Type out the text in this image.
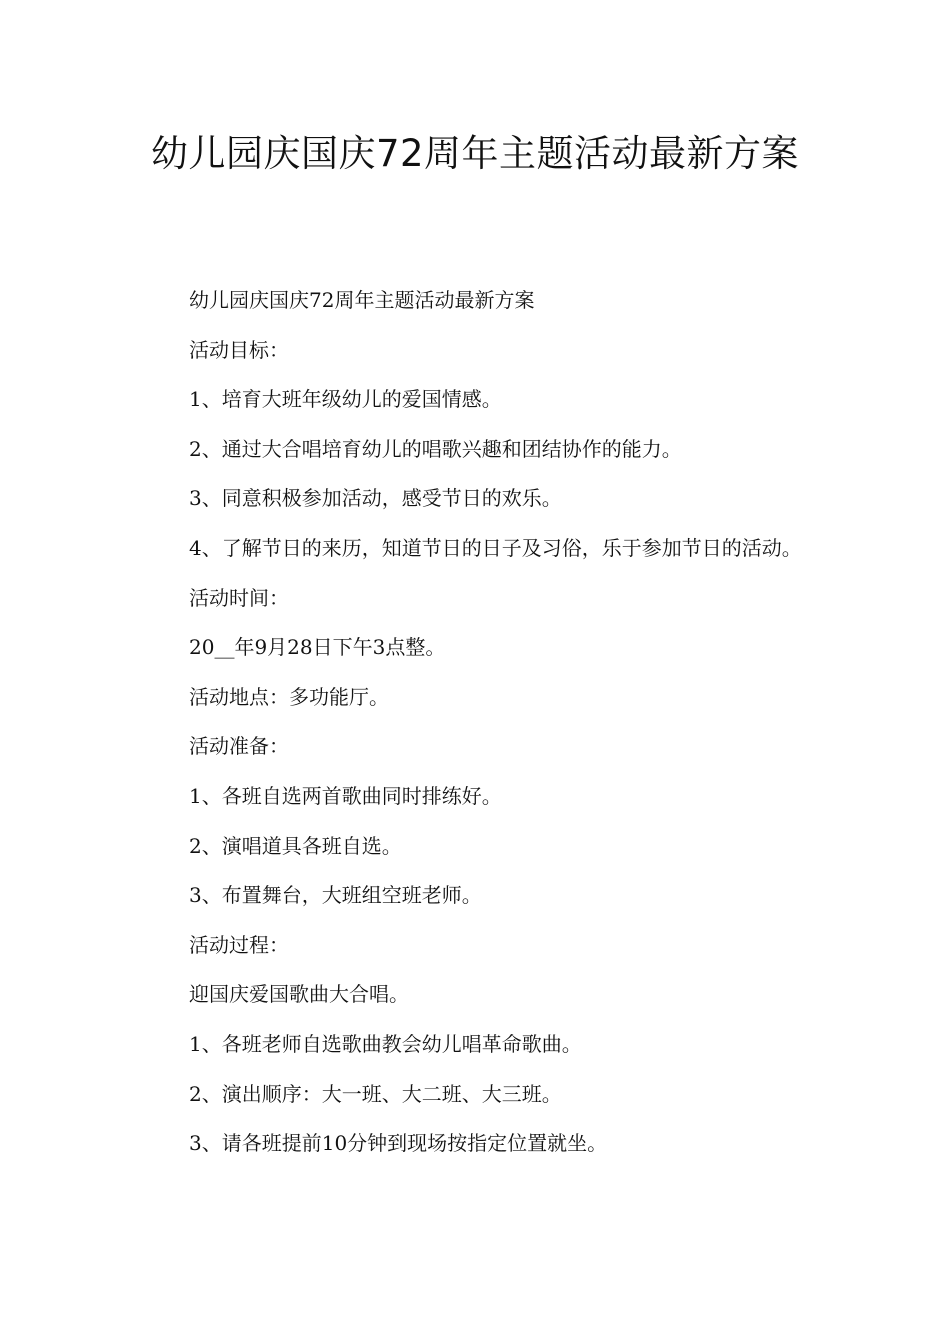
幼儿园庆国庆72周年主题活动最新方案

幼儿园庆国庆72周年主题活动最新方案

活动目标：

1、培育大班年级幼儿的爱国情感。

2、通过大合唱培育幼儿的唱歌兴趣和团结协作的能力。

3、同意积极参加活动，感受节日的欢乐。

4、了解节日的来历，知道节日的日子及习俗，乐于参加节日的活动。

活动时间：

20__年9月28日下午3点整。

活动地点：多功能厅。

活动准备：

1、各班自选两首歌曲同时排练好。

2、演唱道具各班自选。

3、布置舞台，大班组空班老师。

活动过程：

迎国庆爱国歌曲大合唱。

1、各班老师自选歌曲教会幼儿唱革命歌曲。

2、演出顺序：大一班、大二班、大三班。

3、请各班提前10分钟到现场按指定位置就坐。
